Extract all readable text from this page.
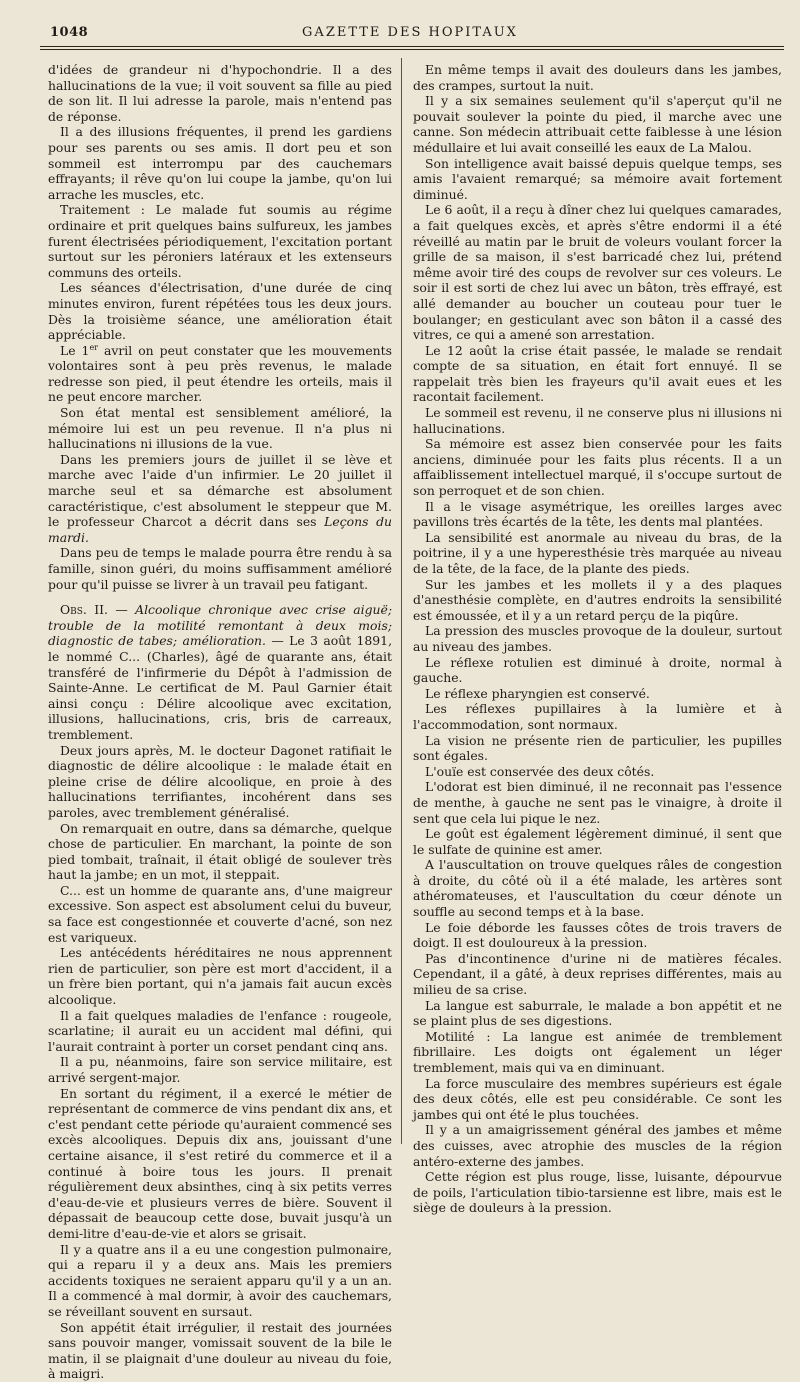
1048	GAZETTE DES HOPITAUX

d'idées de grandeur ni d'hypochondrie. Il a des hallucinations de la vue; il voit souvent sa fille au pied de son lit. Il lui adresse la parole, mais n'entend pas de réponse.

Il a des illusions fréquentes, il prend les gardiens pour ses parents ou ses amis. Il dort peu et son sommeil est interrompu par des cauchemars effrayants; il rêve qu'on lui coupe la jambe, qu'on lui arrache les muscles, etc.

Traitement : Le malade fut soumis au régime ordinaire et prit quelques bains sulfureux, les jambes furent électrisées périodiquement, l'excitation portant surtout sur les péroniers latéraux et les extenseurs communs des orteils.

Les séances d'électrisation, d'une durée de cinq minutes environ, furent répétées tous les deux jours. Dès la troisième séance, une amélioration était appréciable.

Le 1er avril on peut constater que les mouvements volontaires sont à peu près revenus, le malade redresse son pied, il peut étendre les orteils, mais il ne peut encore marcher.

Son état mental est sensiblement amélioré, la mémoire lui est un peu revenue. Il n'a plus ni hallucinations ni illusions de la vue.

Dans les premiers jours de juillet il se lève et marche avec l'aide d'un infirmier. Le 20 juillet il marche seul et sa démarche est absolument caractéristique, c'est absolument le steppeur que M. le professeur Charcot a décrit dans ses Leçons du mardi.

Dans peu de temps le malade pourra être rendu à sa famille, sinon guéri, du moins suffisamment amélioré pour qu'il puisse se livrer à un travail peu fatigant.

Obs. II. — Alcoolique chronique avec crise aiguë; trouble de la motilité remontant à deux mois; diagnostic de tabes; amélioration. — Le 3 août 1891, le nommé C... (Charles), âgé de quarante ans, était transféré de l'infirmerie du Dépôt à l'admission de Sainte-Anne. Le certificat de M. Paul Garnier était ainsi conçu : Délire alcoolique avec excitation, illusions, hallucinations, cris, bris de carreaux, tremblement.

Deux jours après, M. le docteur Dagonet ratifiait le diagnostic de délire alcoolique : le malade était en pleine crise de délire alcoolique, en proie à des hallucinations terrifiantes, incohérent dans ses paroles, avec tremblement généralisé.

On remarquait en outre, dans sa démarche, quelque chose de particulier. En marchant, la pointe de son pied tombait, traînait, il était obligé de soulever très haut la jambe; en un mot, il steppait.

C... est un homme de quarante ans, d'une maigreur excessive. Son aspect est absolument celui du buveur, sa face est congestionnée et couverte d'acné, son nez est variqueux.

Les antécédents héréditaires ne nous apprennent rien de particulier, son père est mort d'accident, il a un frère bien portant, qui n'a jamais fait aucun excès alcoolique.

Il a fait quelques maladies de l'enfance : rougeole, scarlatine; il aurait eu un accident mal défini, qui l'aurait contraint à porter un corset pendant cinq ans.

Il a pu, néanmoins, faire son service militaire, est arrivé sergent-major.

En sortant du régiment, il a exercé le métier de représentant de commerce de vins pendant dix ans, et c'est pendant cette période qu'auraient commencé ses excès alcooliques. Depuis dix ans, jouissant d'une certaine aisance, il s'est retiré du commerce et il a continué à boire tous les jours. Il prenait régulièrement deux absinthes, cinq à six petits verres d'eau-de-vie et plusieurs verres de bière. Souvent il dépassait de beaucoup cette dose, buvait jusqu'à un demi-litre d'eau-de-vie et alors se grisait.

Il y a quatre ans il a eu une congestion pulmonaire, qui a reparu il y a deux ans. Mais les premiers accidents toxiques ne seraient apparu qu'il y a un an. Il a commencé à mal dormir, à avoir des cauchemars, se réveillant souvent en sursaut.

Son appétit était irrégulier, il restait des journées sans pouvoir manger, vomissait souvent de la bile le matin, il se plaignait d'une douleur au niveau du foie, à maigri.

En même temps il avait des douleurs dans les jambes, des crampes, surtout la nuit.

Il y a six semaines seulement qu'il s'aperçut qu'il ne pouvait soulever la pointe du pied, il marche avec une canne. Son médecin attribuait cette faiblesse à une lésion médullaire et lui avait conseillé les eaux de La Malou.

Son intelligence avait baissé depuis quelque temps, ses amis l'avaient remarqué; sa mémoire avait fortement diminué.

Le 6 août, il a reçu à dîner chez lui quelques camarades, a fait quelques excès, et après s'être endormi il a été réveillé au matin par le bruit de voleurs voulant forcer la grille de sa maison, il s'est barricadé chez lui, prétend même avoir tiré des coups de revolver sur ces voleurs. Le soir il est sorti de chez lui avec un bâton, très effrayé, est allé demander au boucher un couteau pour tuer le boulanger; en gesticulant avec son bâton il a cassé des vitres, ce qui a amené son arrestation.

Le 12 août la crise était passée, le malade se rendait compte de sa situation, en était fort ennuyé. Il se rappelait très bien les frayeurs qu'il avait eues et les racontait facilement.

Le sommeil est revenu, il ne conserve plus ni illusions ni hallucinations.

Sa mémoire est assez bien conservée pour les faits anciens, diminuée pour les faits plus récents. Il a un affaiblissement intellectuel marqué, il s'occupe surtout de son perroquet et de son chien.

Il a le visage asymétrique, les oreilles larges avec pavillons très écartés de la tête, les dents mal plantées.

La sensibilité est anormale au niveau du bras, de la poitrine, il y a une hyperesthésie très marquée au niveau de la tête, de la face, de la plante des pieds.

Sur les jambes et les mollets il y a des plaques d'anesthésie complète, en d'autres endroits la sensibilité est émoussée, et il y a un retard perçu de la piqûre.

La pression des muscles provoque de la douleur, surtout au niveau des jambes.

Le réflexe rotulien est diminué à droite, normal à gauche.

Le réflexe pharyngien est conservé.

Les réflexes pupillaires à la lumière et à l'accommodation, sont normaux.

La vision ne présente rien de particulier, les pupilles sont égales.

L'ouïe est conservée des deux côtés.

L'odorat est bien diminué, il ne reconnait pas l'essence de menthe, à gauche ne sent pas le vinaigre, à droite il sent que cela lui pique le nez.

Le goût est également légèrement diminué, il sent que le sulfate de quinine est amer.

A l'auscultation on trouve quelques râles de congestion à droite, du côté où il a été malade, les artères sont athéromateuses, et l'auscultation du cœur dénote un souffle au second temps et à la base.

Le foie déborde les fausses côtes de trois travers de doigt. Il est douloureux à la pression.

Pas d'incontinence d'urine ni de matières fécales. Cependant, il a gâté, à deux reprises différentes, mais au milieu de sa crise.

La langue est saburrale, le malade a bon appétit et ne se plaint plus de ses digestions.

Motilité : La langue est animée de tremblement fibrillaire. Les doigts ont également un léger tremblement, mais qui va en diminuant.

La force musculaire des membres supérieurs est égale des deux côtés, elle est peu considérable. Ce sont les jambes qui ont été le plus touchées.

Il y a un amaigrissement général des jambes et même des cuisses, avec atrophie des muscles de la région antéro-externe des jambes.

Cette région est plus rouge, lisse, luisante, dépourvue de poils, l'articulation tibio-tarsienne est libre, mais est le siège de douleurs à la pression.
